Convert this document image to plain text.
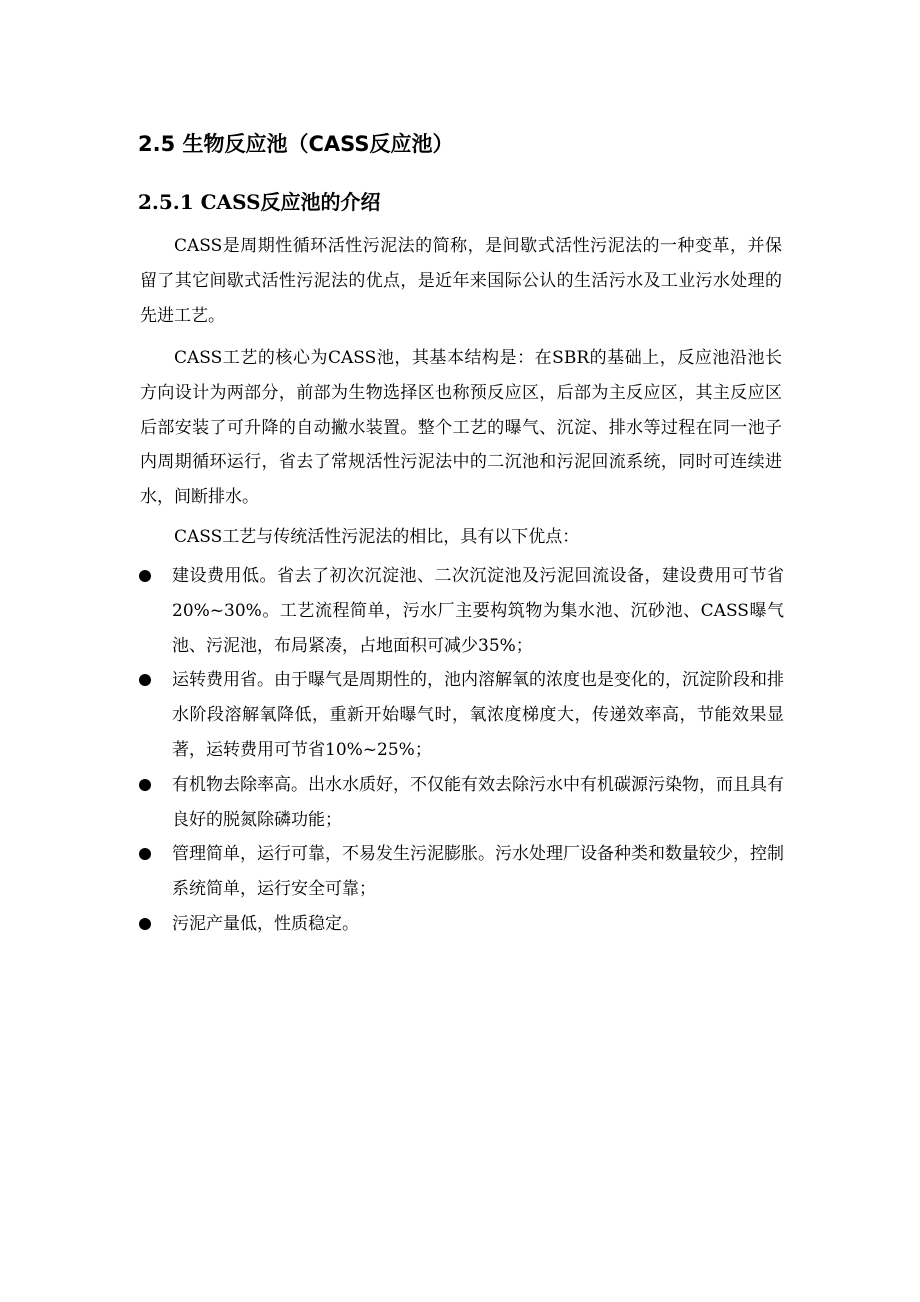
2.5 生物反应池（CASS反应池）
2.5.1 CASS反应池的介绍

CASS是周期性循环活性污泥法的简称，是间歇式活性污泥法的一种变革，并保留了其它间歇式活性污泥法的优点，是近年来国际公认的生活污水及工业污水处理的先进工艺。

CASS工艺的核心为CASS池，其基本结构是：在SBR的基础上，反应池沿池长方向设计为两部分，前部为生物选择区也称预反应区，后部为主反应区，其主反应区后部安装了可升降的自动撇水装置。整个工艺的曝气、沉淀、排水等过程在同一池子内周期循环运行，省去了常规活性污泥法中的二沉池和污泥回流系统，同时可连续进水，间断排水。

CASS工艺与传统活性污泥法的相比，具有以下优点：

建设费用低。省去了初次沉淀池、二次沉淀池及污泥回流设备，建设费用可节省20%~30%。工艺流程简单，污水厂主要构筑物为集水池、沉砂池、CASS曝气池、污泥池，布局紧凑，占地面积可减少35%；
运转费用省。由于曝气是周期性的，池内溶解氧的浓度也是变化的，沉淀阶段和排水阶段溶解氧降低，重新开始曝气时，氧浓度梯度大，传递效率高，节能效果显著，运转费用可节省10%~25%；
有机物去除率高。出水水质好，不仅能有效去除污水中有机碳源污染物，而且具有良好的脱氮除磷功能；
管理简单，运行可靠，不易发生污泥膨胀。污水处理厂设备种类和数量较少，控制系统简单，运行安全可靠；
污泥产量低，性质稳定。
